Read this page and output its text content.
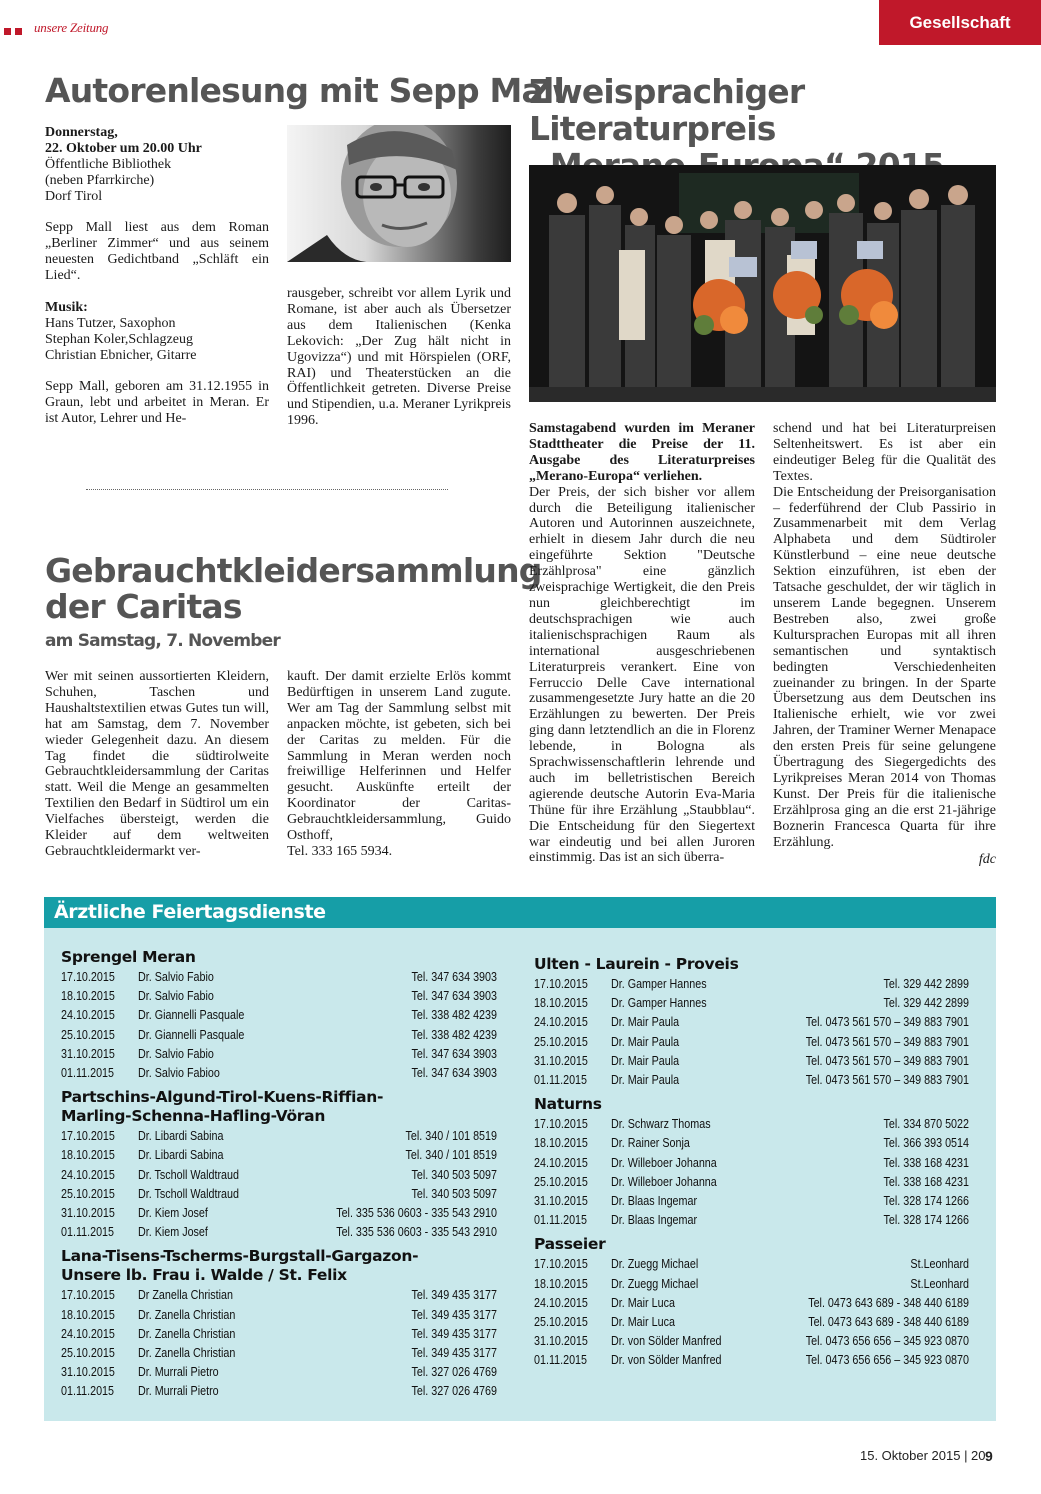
unsere Zeitung	Gesellschaft
Autorenlesung mit Sepp Mall

Donnerstag,
22. Oktober um 20.00 Uhr
Öffentliche Bibliothek
(neben Pfarrkirche)
Dorf Tirol

Sepp Mall liest aus dem Roman „Berliner Zimmer“ und aus seinem neuesten Gedichtband „Schläft ein Lied“.

Musik:
Hans Tutzer, Saxophon
Stephan Koler,Schlagzeug
Christian Ebnicher, Gitarre

Sepp Mall, geboren am 31.12.1955 in Graun, lebt und arbeitet in Meran. Er ist Autor, Lehrer und He-

rausgeber, schreibt vor allem Lyrik und Romane, ist aber auch als Übersetzer aus dem Italienischen (Kenka Lekovich: „Der Zug hält nicht in Ugovizza“) und mit Hörspielen (ORF, RAI) und Theaterstücken an die Öffentlichkeit getreten. Diverse Preise und Stipendien, u.a. Meraner Lyrikpreis 1996.
Gebrauchtkleidersammlung
der Caritas
am Samstag, 7. November
Wer mit seinen aussortierten Kleidern, Schuhen, Taschen und Haushaltstextilien etwas Gutes tun will, hat am Samstag, dem 7. November wieder Gelegenheit dazu. An diesem Tag findet die südtirolweite Gebrauchtkleidersammlung der Caritas statt. Weil die Menge an gesammelten Textilien den Bedarf in Südtirol um ein Vielfaches übersteigt, werden die Kleider auf dem weltweiten Gebrauchtkleidermarkt ver-
kauft. Der damit erzielte Erlös kommt Bedürftigen in unserem Land zugute. Wer am Tag der Sammlung selbst mit anpacken möchte, ist gebeten, sich bei der Caritas zu melden. Für die Sammlung in Meran werden noch freiwillige Helferinnen und Helfer gesucht. Auskünfte erteilt der Koordinator der Caritas-Gebrauchtkleidersammlung, Guido Osthoff,
Tel. 333 165 5934.
Zweisprachiger Literaturpreis

Samstagabend wurden im Meraner Stadttheater die Preise der 11. Ausgabe des Literaturpreises „Merano-Europa“ verliehen.
Der Preis, der sich bisher vor allem durch die Beteiligung italienischer Autoren und Autorinnen auszeichnete, erhielt in diesem Jahr durch die neu eingeführte Sektion "Deutsche Erzählprosa" eine gänzlich zweisprachige Wertigkeit, die den Preis nun gleichberechtigt im deutschsprachigen wie auch italienischsprachigen Raum als international ausgeschriebenen Literaturpreis verankert. Eine von Ferruccio Delle Cave international zusammengesetzte Jury hatte an die 20 Erzählungen zu bewerten. Der Preis ging dann letztendlich an die in Florenz lebende, in Bologna als Sprachwissenschaftlerin lehrende und auch im belletristischen Bereich agierende deutsche Autorin Eva-Maria Thüne für ihre Erzählung „Staubblau“. Die Entscheidung für den Siegertext war eindeutig und bei allen Juroren einstimmig. Das ist an sich überra-
schend und hat bei Literaturpreisen Seltenheitswert. Es ist aber ein eindeutiger Beleg für die Qualität des Textes.
Die Entscheidung der Preisorganisation – federführend der Club Passirio in Zusammenarbeit mit dem Verlag Alphabeta und dem Südtiroler Künstlerbund – eine neue deutsche Sektion einzuführen, ist eben der Tatsache geschuldet, der wir täglich in unserem Lande begegnen. Unserem Bestreben also, zwei große Kultursprachen Europas mit all ihren semantischen und syntaktisch bedingten Verschiedenheiten zueinander zu bringen. In der Sparte Übersetzung aus dem Deutschen ins Italienische erhielt, wie vor zwei Jahren, der Traminer Werner Menapace den ersten Preis für seine gelungene Übertragung des Siegergedichts des Lyrikpreises Meran 2014 von Thomas Kunst. Der Preis für die italienische Erzählprosa ging an die erst 21-jährige Boznerin Francesca Quarta für ihre Erzählung.
fdc
Ärztliche Feiertagsdienste
Sprengel Meran
17.10.2015 Dr. Salvio Fabio	Tel. 347 634 3903
18.10.2015 Dr. Salvio Fabio	Tel. 347 634 3903
24.10.2015 Dr. Giannelli Pasquale	Tel. 338 482 4239
25.10.2015 Dr. Giannelli Pasquale	Tel. 338 482 4239
31.10.2015 Dr. Salvio Fabio	Tel. 347 634 3903
01.11.2015 Dr. Salvio Fabioo	Tel. 347 634 3903
Partschins-Algund-Tirol-Kuens-Riffian-
Marling-Schenna-Hafling-Vöran
17.10.2015 Dr. Libardi Sabina	Tel. 340 / 101 8519
18.10.2015 Dr. Libardi Sabina	Tel. 340 / 101 8519
24.10.2015 Dr. Tscholl Waldtraud	Tel. 340 503 5097
25.10.2015 Dr. Tscholl Waldtraud	Tel. 340 503 5097
31.10.2015 Dr. Kiem Josef	Tel. 335 536 0603 - 335 543 2910
01.11.2015 Dr. Kiem Josef	Tel. 335 536 0603 - 335 543 2910
Lana-Tisens-Tscherms-Burgstall-Gargazon-
Unsere lb. Frau i. Walde / St. Felix
17.10.2015 Dr Zanella Christian	Tel. 349 435 3177
18.10.2015 Dr. Zanella Christian	Tel. 349 435 3177
24.10.2015 Dr. Zanella Christian	Tel. 349 435 3177
25.10.2015 Dr. Zanella Christian	Tel. 349 435 3177
31.10.2015 Dr. Murrali Pietro	Tel. 327 026 4769
01.11.2015 Dr. Murrali Pietro	Tel. 327 026 4769
Ulten - Laurein - Proveis
17.10.2015 Dr. Gamper Hannes	Tel. 329 442 2899
18.10.2015 Dr. Gamper Hannes	Tel. 329 442 2899
24.10.2015 Dr. Mair Paula	Tel. 0473 561 570 – 349 883 7901
25.10.2015 Dr. Mair Paula	Tel. 0473 561 570 – 349 883 7901
31.10.2015 Dr. Mair Paula	Tel. 0473 561 570 – 349 883 7901
01.11.2015 Dr. Mair Paula	Tel. 0473 561 570 – 349 883 7901
Naturns
17.10.2015 Dr. Schwarz Thomas	Tel. 334 870 5022
18.10.2015 Dr. Rainer Sonja	Tel. 366 393 0514
24.10.2015 Dr. Willeboer Johanna	Tel. 338 168 4231
25.10.2015 Dr. Willeboer Johanna	Tel. 338 168 4231
31.10.2015 Dr. Blaas Ingemar	Tel. 328 174 1266
01.11.2015 Dr. Blaas Ingemar	Tel. 328 174 1266
Passeier
17.10.2015 Dr. Zuegg Michael	St.Leonhard
18.10.2015 Dr. Zuegg Michael	St.Leonhard
24.10.2015 Dr. Mair Luca	Tel. 0473 643 689 - 348 440 6189
25.10.2015 Dr. Mair Luca	Tel. 0473 643 689 - 348 440 6189
31.10.2015 Dr. von Sölder Manfred	Tel. 0473 656 656 – 345 923 0870
01.11.2015 Dr. von Sölder Manfred	Tel. 0473 656 656 – 345 923 0870
15. Oktober 2015 | 20 9
